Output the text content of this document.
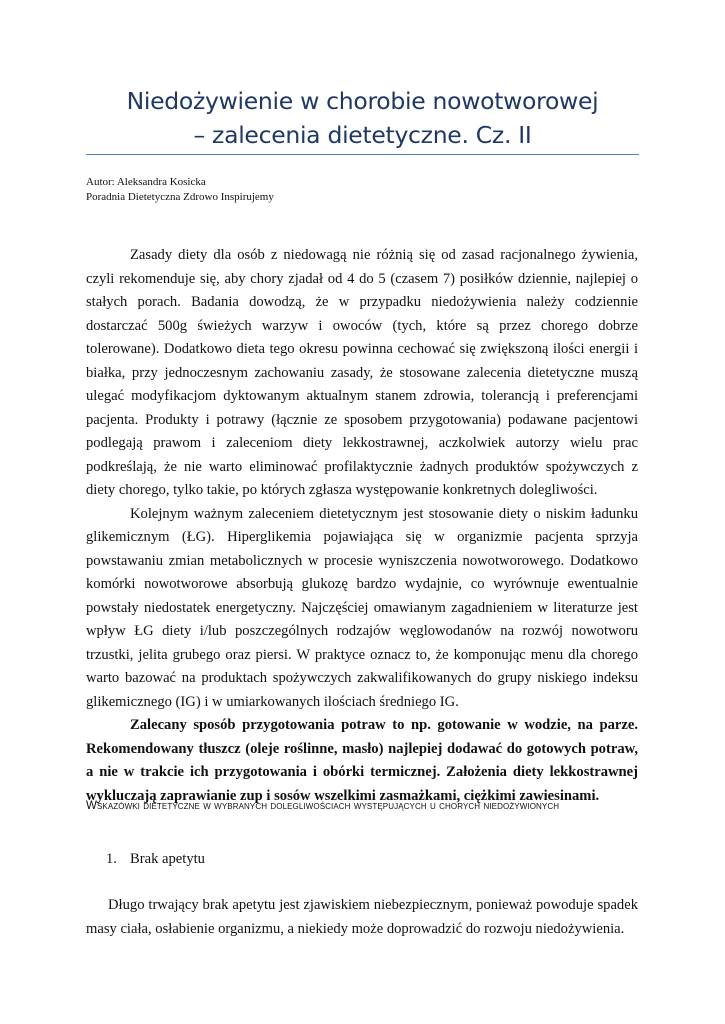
Niedożywienie w chorobie nowotworowej
– zalecenia dietetyczne. Cz. II
Autor: Aleksandra Kosicka
Poradnia Dietetyczna Zdrowo Inspirujemy

Zasady diety dla osób z niedowagą nie różnią się od zasad racjonalnego żywienia, czyli rekomenduje się, aby chory zjadał od 4 do 5 (czasem 7) posiłków dziennie, najlepiej o stałych porach. Badania dowodzą, że w przypadku niedożywienia należy codziennie dostarczać 500g świeżych warzyw i owoców (tych, które są przez chorego dobrze tolerowane). Dodatkowo dieta tego okresu powinna cechować się zwiększoną ilości energii i białka, przy jednoczesnym zachowaniu zasady, że stosowane zalecenia dietetyczne muszą ulegać modyfikacjom dyktowanym aktualnym stanem zdrowia, tolerancją i preferencjami pacjenta. Produkty i potrawy (łącznie ze sposobem przygotowania) podawane pacjentowi podlegają prawom i zaleceniom diety lekkostrawnej, aczkolwiek autorzy wielu prac podkreślają, że nie warto eliminować profilaktycznie żadnych produktów spożywczych z diety chorego, tylko takie, po których zgłasza występowanie konkretnych dolegliwości.

Kolejnym ważnym zaleceniem dietetycznym jest stosowanie diety o niskim ładunku glikemicznym (ŁG). Hiperglikemia pojawiająca się w organizmie pacjenta sprzyja powstawaniu zmian metabolicznych w procesie wyniszczenia nowotworowego. Dodatkowo komórki nowotworowe absorbują glukozę bardzo wydajnie, co wyrównuje ewentualnie powstały niedostatek energetyczny. Najczęściej omawianym zagadnieniem w literaturze jest wpływ ŁG diety i/lub poszczególnych rodzajów węglowodanów na rozwój nowotworu trzustki, jelita grubego oraz piersi. W praktyce oznacz to, że komponując menu dla chorego warto bazować na produktach spożywczych zakwalifikowanych do grupy niskiego indeksu glikemicznego (IG) i w umiarkowanych ilościach średniego IG.

Zalecany sposób przygotowania potraw to np. gotowanie w wodzie, na parze. Rekomendowany tłuszcz (oleje roślinne, masło) najlepiej dodawać do gotowych potraw, a nie w trakcie ich przygotowania i obórki termicznej. Założenia diety lekkostrawnej wykluczają zaprawianie zup i sosów wszelkimi zasmażkami, ciężkimi zawiesinami.

Wskazówki dietetyczne w wybranych dolegliwościach występujących u chorych niedożywionych
1. Brak apetytu

Długo trwający brak apetytu jest zjawiskiem niebezpiecznym, ponieważ powoduje spadek masy ciała, osłabienie organizmu, a niekiedy może doprowadzić do rozwoju niedożywienia.
